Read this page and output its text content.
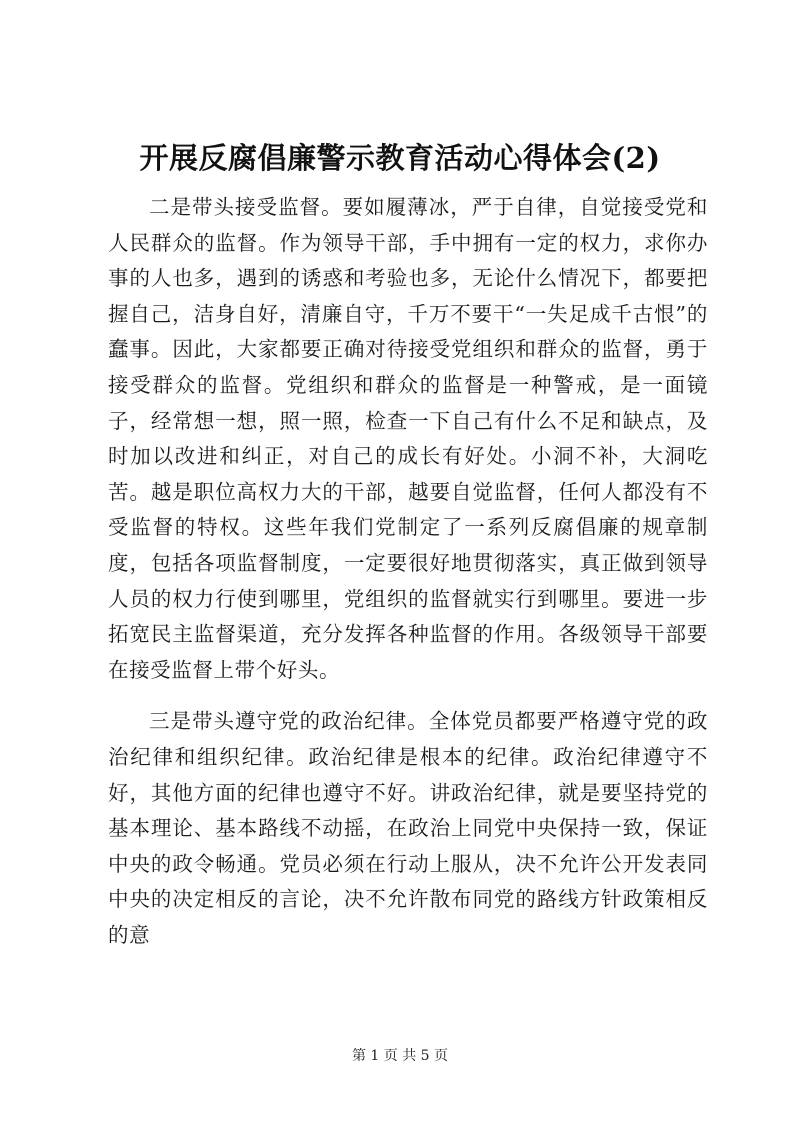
开展反腐倡廉警示教育活动心得体会(2)

二是带头接受监督。要如履薄冰，严于自律，自觉接受党和人民群众的监督。作为领导干部，手中拥有一定的权力，求你办事的人也多，遇到的诱惑和考验也多，无论什么情况下，都要把握自己，洁身自好，清廉自守，千万不要干“一失足成千古恨”的蠢事。因此，大家都要正确对待接受党组织和群众的监督，勇于接受群众的监督。党组织和群众的监督是一种警戒，是一面镜子，经常想一想，照一照，检查一下自己有什么不足和缺点，及时加以改进和纠正，对自己的成长有好处。小洞不补，大洞吃苦。越是职位高权力大的干部，越要自觉监督，任何人都没有不受监督的特权。这些年我们党制定了一系列反腐倡廉的规章制度，包括各项监督制度，一定要很好地贯彻落实，真正做到领导人员的权力行使到哪里，党组织的监督就实行到哪里。要进一步拓宽民主监督渠道，充分发挥各种监督的作用。各级领导干部要在接受监督上带个好头。

三是带头遵守党的政治纪律。全体党员都要严格遵守党的政治纪律和组织纪律。政治纪律是根本的纪律。政治纪律遵守不好，其他方面的纪律也遵守不好。讲政治纪律，就是要坚持党的基本理论、基本路线不动摇，在政治上同党中央保持一致，保证中央的政令畅通。党员必须在行动上服从，决不允许公开发表同中央的决定相反的言论，决不允许散布同党的路线方针政策相反的意

第 1 页 共 5 页
